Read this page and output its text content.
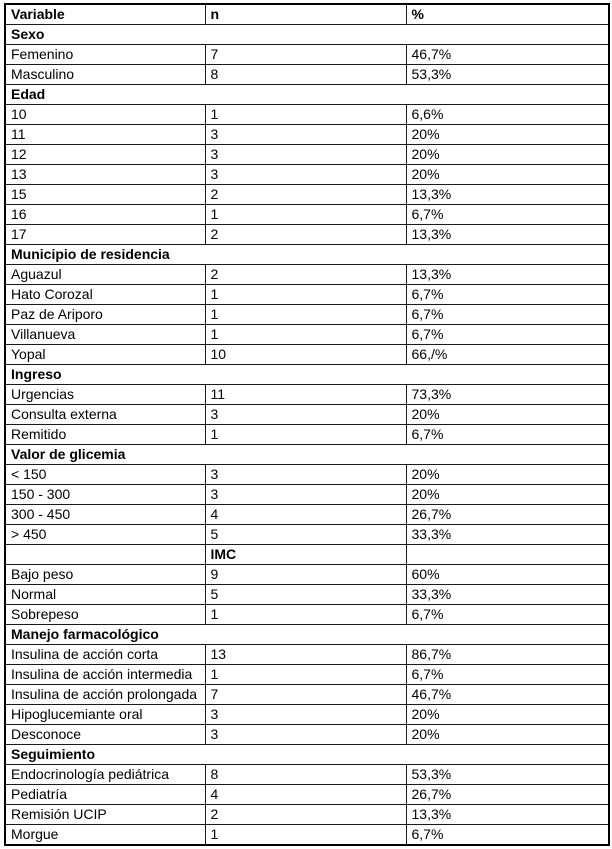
Variable	n	%
Sexo		
Femenino	7	46,7%
Masculino	8	53,3%
Edad		
10	1	6,6%
11	3	20%
12	3	20%
13	3	20%
15	2	13,3%
16	1	6,7%
17	2	13,3%
Municipio de residencia		
Aguazul	2	13,3%
Hato Corozal	1	6,7%
Paz de Ariporo	1	6,7%
Villanueva	1	6,7%
Yopal	10	66,/%
Ingreso		
Urgencias	11	73,3%
Consulta externa	3	20%
Remitido	1	6,7%
Valor de glicemia		
< 150	3	20%
150 - 300	3	20%
300 - 450	4	26,7%
> 450	5	33,3%
	IMC	
Bajo peso	9	60%
Normal	5	33,3%
Sobrepeso	1	6,7%
Manejo farmacológico		
Insulina de acción corta	13	86,7%
Insulina de acción intermedia	1	6,7%
Insulina de acción prolongada	7	46,7%
Hipoglucemiante oral	3	20%
Desconoce	3	20%
Seguimiento		
Endocrinología pediátrica	8	53,3%
Pediatría	4	26,7%
Remisión UCIP	2	13,3%
Morgue	1	6,7%
